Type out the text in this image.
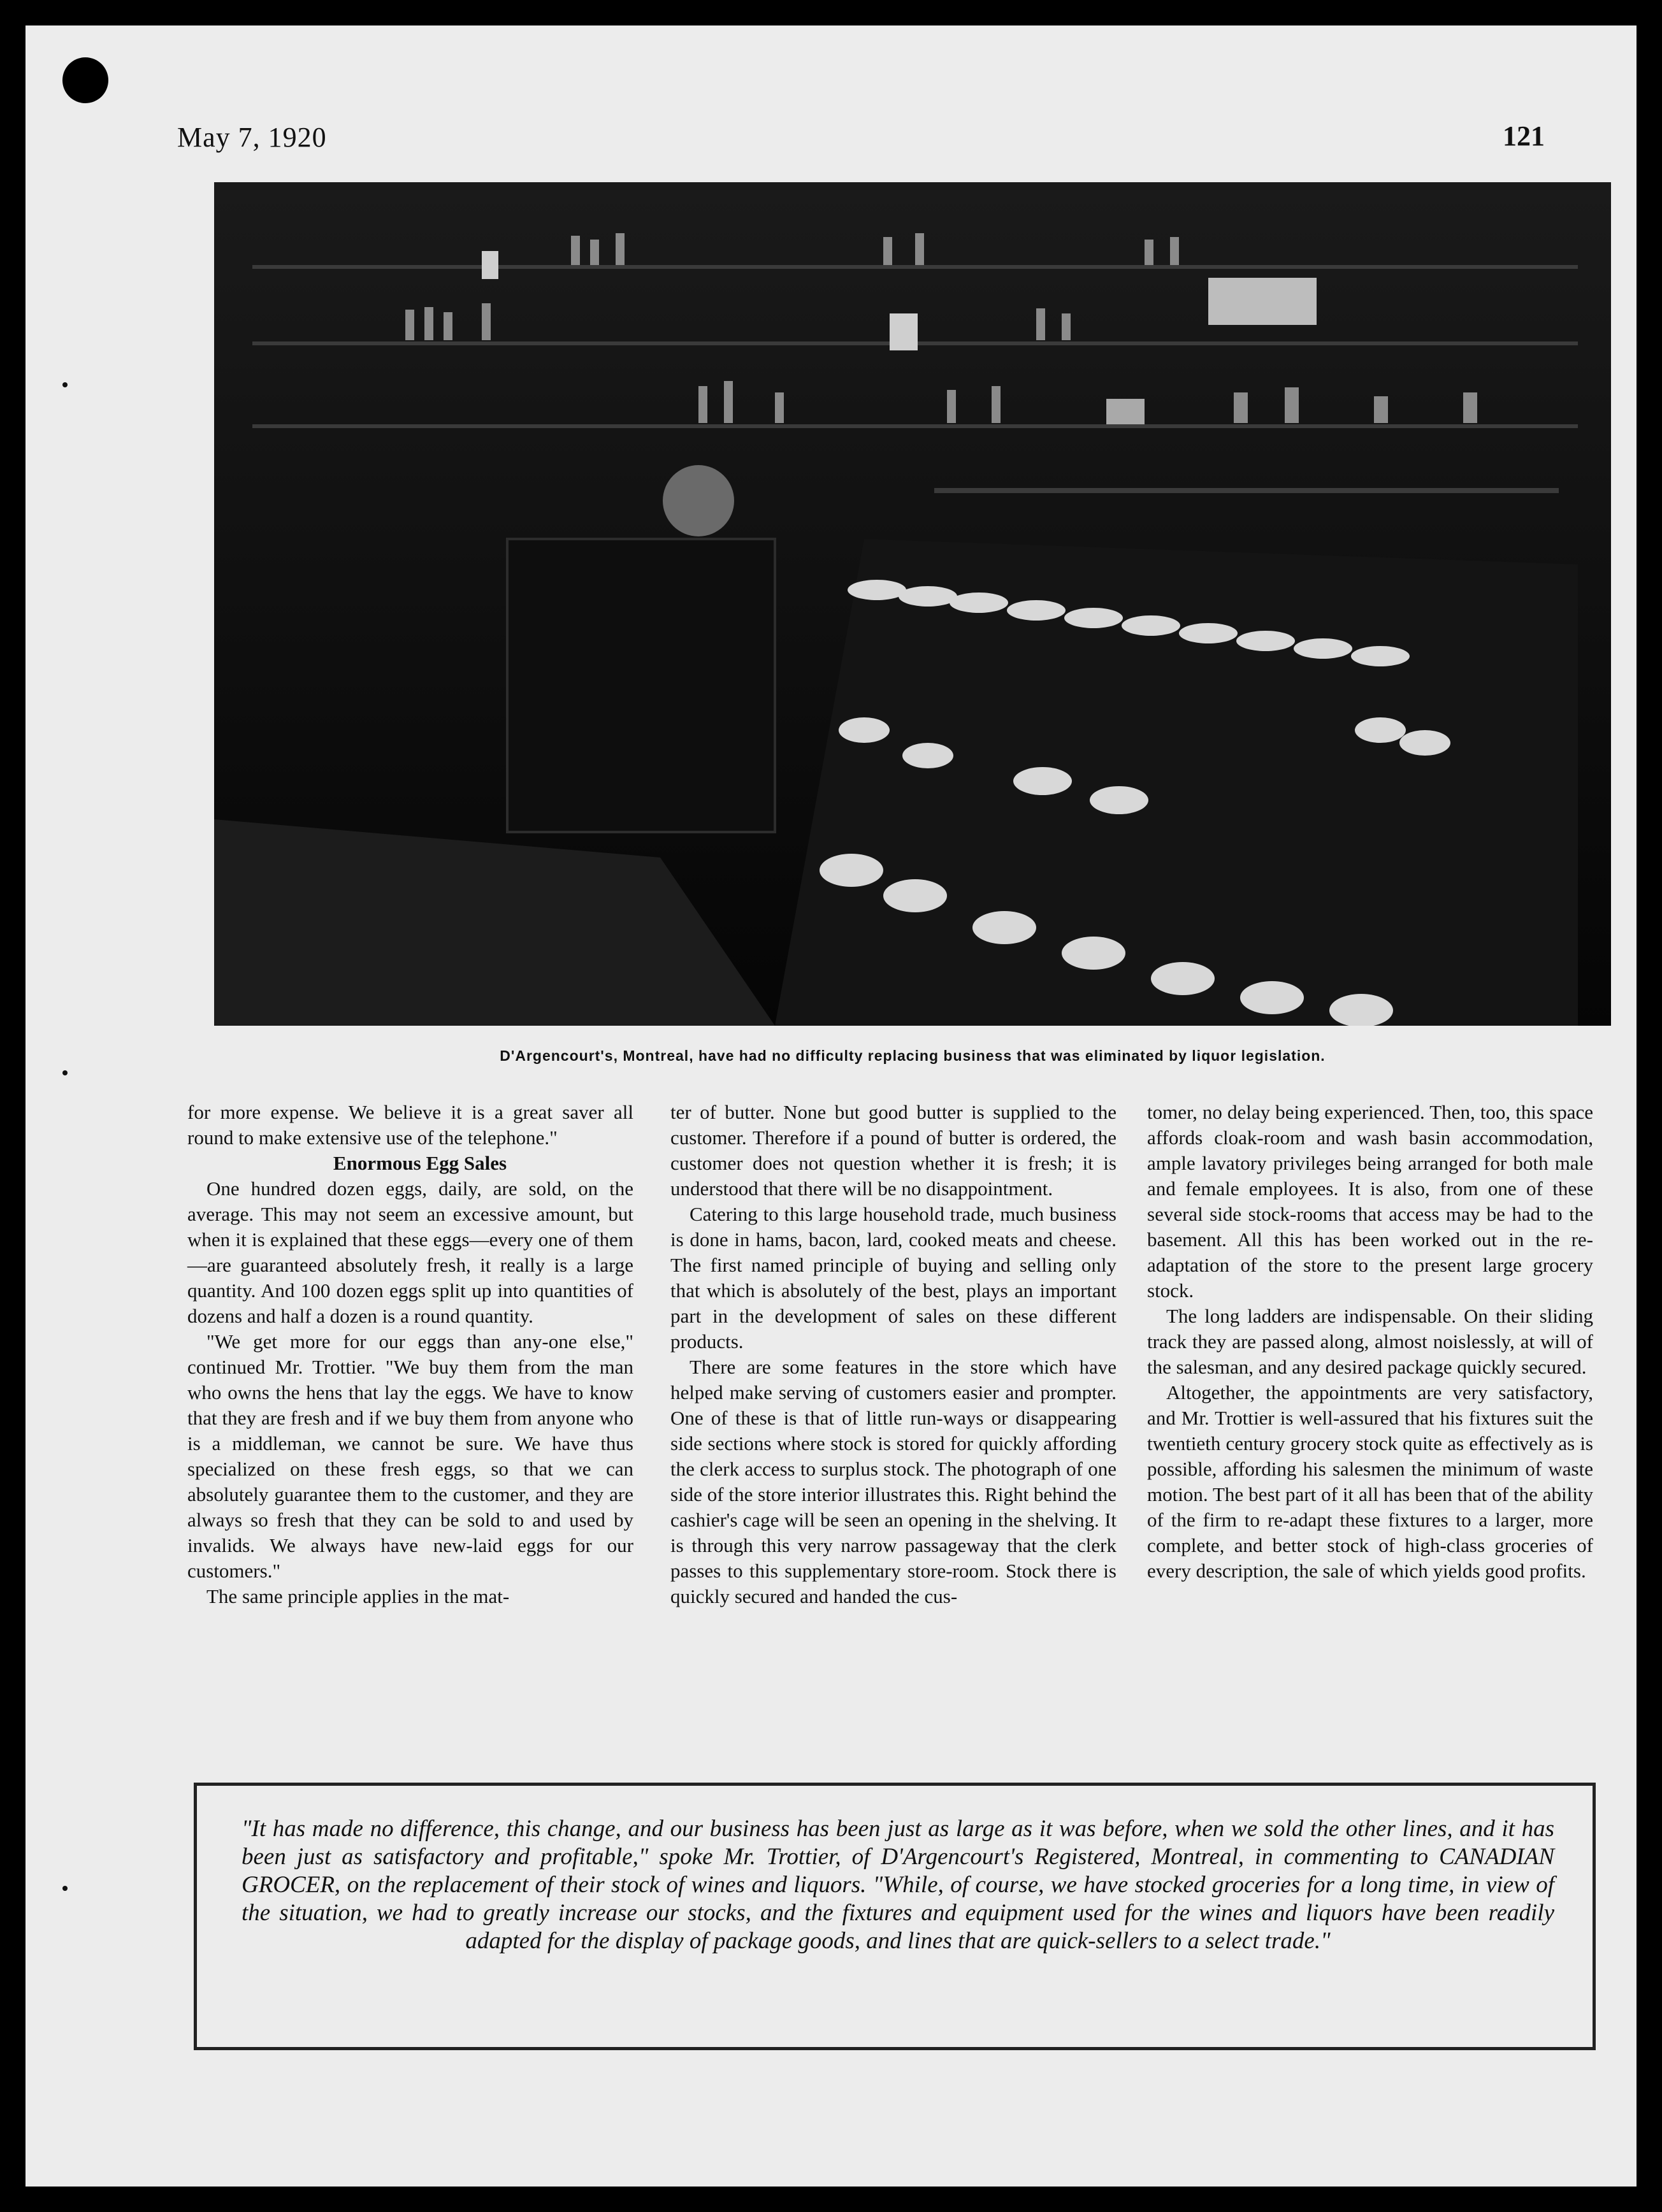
May 7, 1920	121
D'Argencourt's, Montreal, have had no difficulty replacing business that was eliminated by liquor legislation.

for more expense. We believe it is a great saver all round to make extensive use of the telephone."

Enormous Egg Sales

One hundred dozen eggs, daily, are sold, on the average. This may not seem an excessive amount, but when it is explained that these eggs—every one of them—are guaranteed absolutely fresh, it really is a large quantity. And 100 dozen eggs split up into quantities of dozens and half a dozen is a round quantity.

"We get more for our eggs than any-one else," continued Mr. Trottier. "We buy them from the man who owns the hens that lay the eggs. We have to know that they are fresh and if we buy them from anyone who is a middleman, we cannot be sure. We have thus specialized on these fresh eggs, so that we can absolutely guarantee them to the customer, and they are always so fresh that they can be sold to and used by invalids. We always have new-laid eggs for our customers."

The same principle applies in the mat-

ter of butter. None but good butter is supplied to the customer. Therefore if a pound of butter is ordered, the customer does not question whether it is fresh; it is understood that there will be no disappointment.

Catering to this large household trade, much business is done in hams, bacon, lard, cooked meats and cheese. The first named principle of buying and selling only that which is absolutely of the best, plays an important part in the development of sales on these different products.

There are some features in the store which have helped make serving of customers easier and prompter. One of these is that of little run-ways or disappearing side sections where stock is stored for quickly affording the clerk access to surplus stock. The photograph of one side of the store interior illustrates this. Right behind the cashier's cage will be seen an opening in the shelving. It is through this very narrow passageway that the clerk passes to this supplementary store-room. Stock there is quickly secured and handed the cus-

tomer, no delay being experienced. Then, too, this space affords cloak-room and wash basin accommodation, ample lavatory privileges being arranged for both male and female employees. It is also, from one of these several side stock-rooms that access may be had to the basement. All this has been worked out in the re-adaptation of the store to the present large grocery stock.

The long ladders are indispensable. On their sliding track they are passed along, almost noislessly, at will of the salesman, and any desired package quickly secured.

Altogether, the appointments are very satisfactory, and Mr. Trottier is well-assured that his fixtures suit the twentieth century grocery stock quite as effectively as is possible, affording his salesmen the minimum of waste motion. The best part of it all has been that of the ability of the firm to re-adapt these fixtures to a larger, more complete, and better stock of high-class groceries of every description, the sale of which yields good profits.

"It has made no difference, this change, and our business has been just as large as it was before, when we sold the other lines, and it has been just as satisfactory and profitable," spoke Mr. Trottier, of D'Argencourt's Registered, Montreal, in commenting to CANADIAN GROCER, on the replacement of their stock of wines and liquors. "While, of course, we have stocked groceries for a long time, in view of the situation, we had to greatly increase our stocks, and the fixtures and equipment used for the wines and liquors have been readily adapted for the display of package goods, and lines that are quick-sellers to a select trade."
